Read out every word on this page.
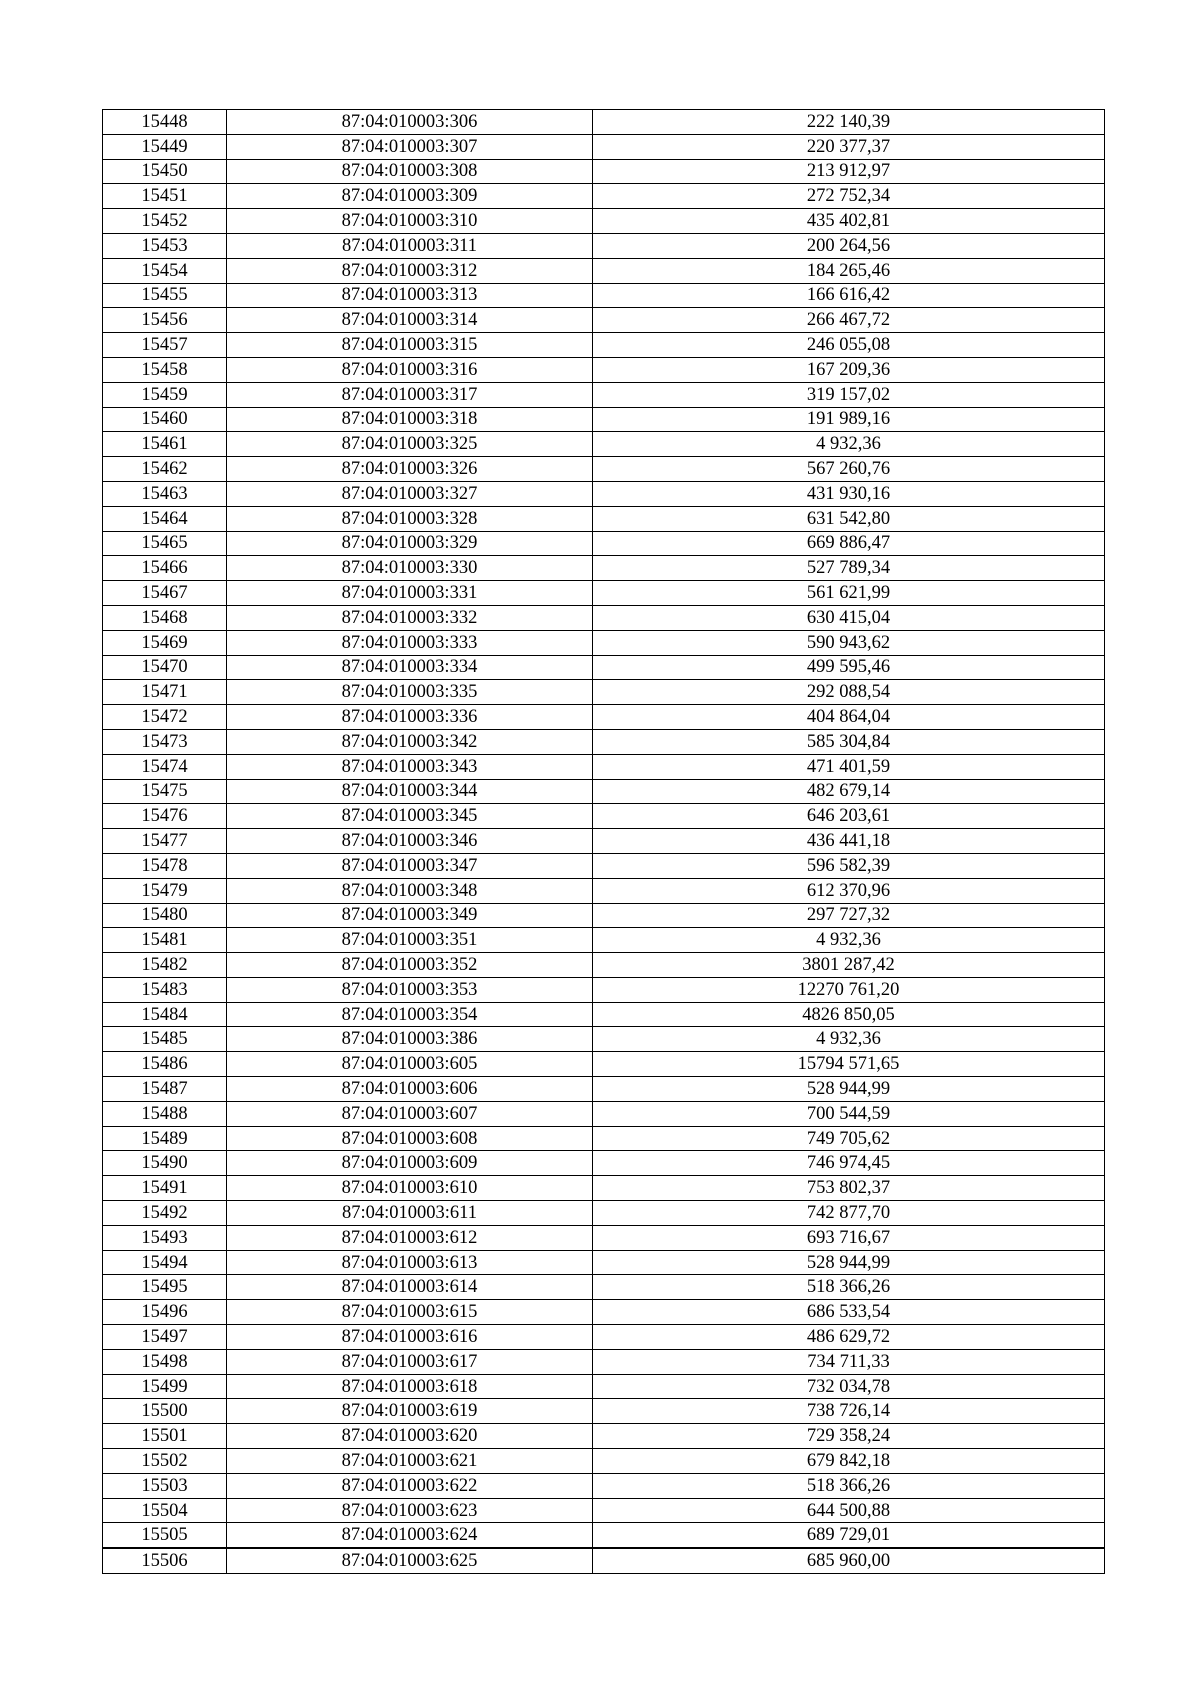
15448	87:04:010003:306	222 140,39
15449	87:04:010003:307	220 377,37
15450	87:04:010003:308	213 912,97
15451	87:04:010003:309	272 752,34
15452	87:04:010003:310	435 402,81
15453	87:04:010003:311	200 264,56
15454	87:04:010003:312	184 265,46
15455	87:04:010003:313	166 616,42
15456	87:04:010003:314	266 467,72
15457	87:04:010003:315	246 055,08
15458	87:04:010003:316	167 209,36
15459	87:04:010003:317	319 157,02
15460	87:04:010003:318	191 989,16
15461	87:04:010003:325	4 932,36
15462	87:04:010003:326	567 260,76
15463	87:04:010003:327	431 930,16
15464	87:04:010003:328	631 542,80
15465	87:04:010003:329	669 886,47
15466	87:04:010003:330	527 789,34
15467	87:04:010003:331	561 621,99
15468	87:04:010003:332	630 415,04
15469	87:04:010003:333	590 943,62
15470	87:04:010003:334	499 595,46
15471	87:04:010003:335	292 088,54
15472	87:04:010003:336	404 864,04
15473	87:04:010003:342	585 304,84
15474	87:04:010003:343	471 401,59
15475	87:04:010003:344	482 679,14
15476	87:04:010003:345	646 203,61
15477	87:04:010003:346	436 441,18
15478	87:04:010003:347	596 582,39
15479	87:04:010003:348	612 370,96
15480	87:04:010003:349	297 727,32
15481	87:04:010003:351	4 932,36
15482	87:04:010003:352	3801 287,42
15483	87:04:010003:353	12270 761,20
15484	87:04:010003:354	4826 850,05
15485	87:04:010003:386	4 932,36
15486	87:04:010003:605	15794 571,65
15487	87:04:010003:606	528 944,99
15488	87:04:010003:607	700 544,59
15489	87:04:010003:608	749 705,62
15490	87:04:010003:609	746 974,45
15491	87:04:010003:610	753 802,37
15492	87:04:010003:611	742 877,70
15493	87:04:010003:612	693 716,67
15494	87:04:010003:613	528 944,99
15495	87:04:010003:614	518 366,26
15496	87:04:010003:615	686 533,54
15497	87:04:010003:616	486 629,72
15498	87:04:010003:617	734 711,33
15499	87:04:010003:618	732 034,78
15500	87:04:010003:619	738 726,14
15501	87:04:010003:620	729 358,24
15502	87:04:010003:621	679 842,18
15503	87:04:010003:622	518 366,26
15504	87:04:010003:623	644 500,88
15505	87:04:010003:624	689 729,01
15506	87:04:010003:625	685 960,00
